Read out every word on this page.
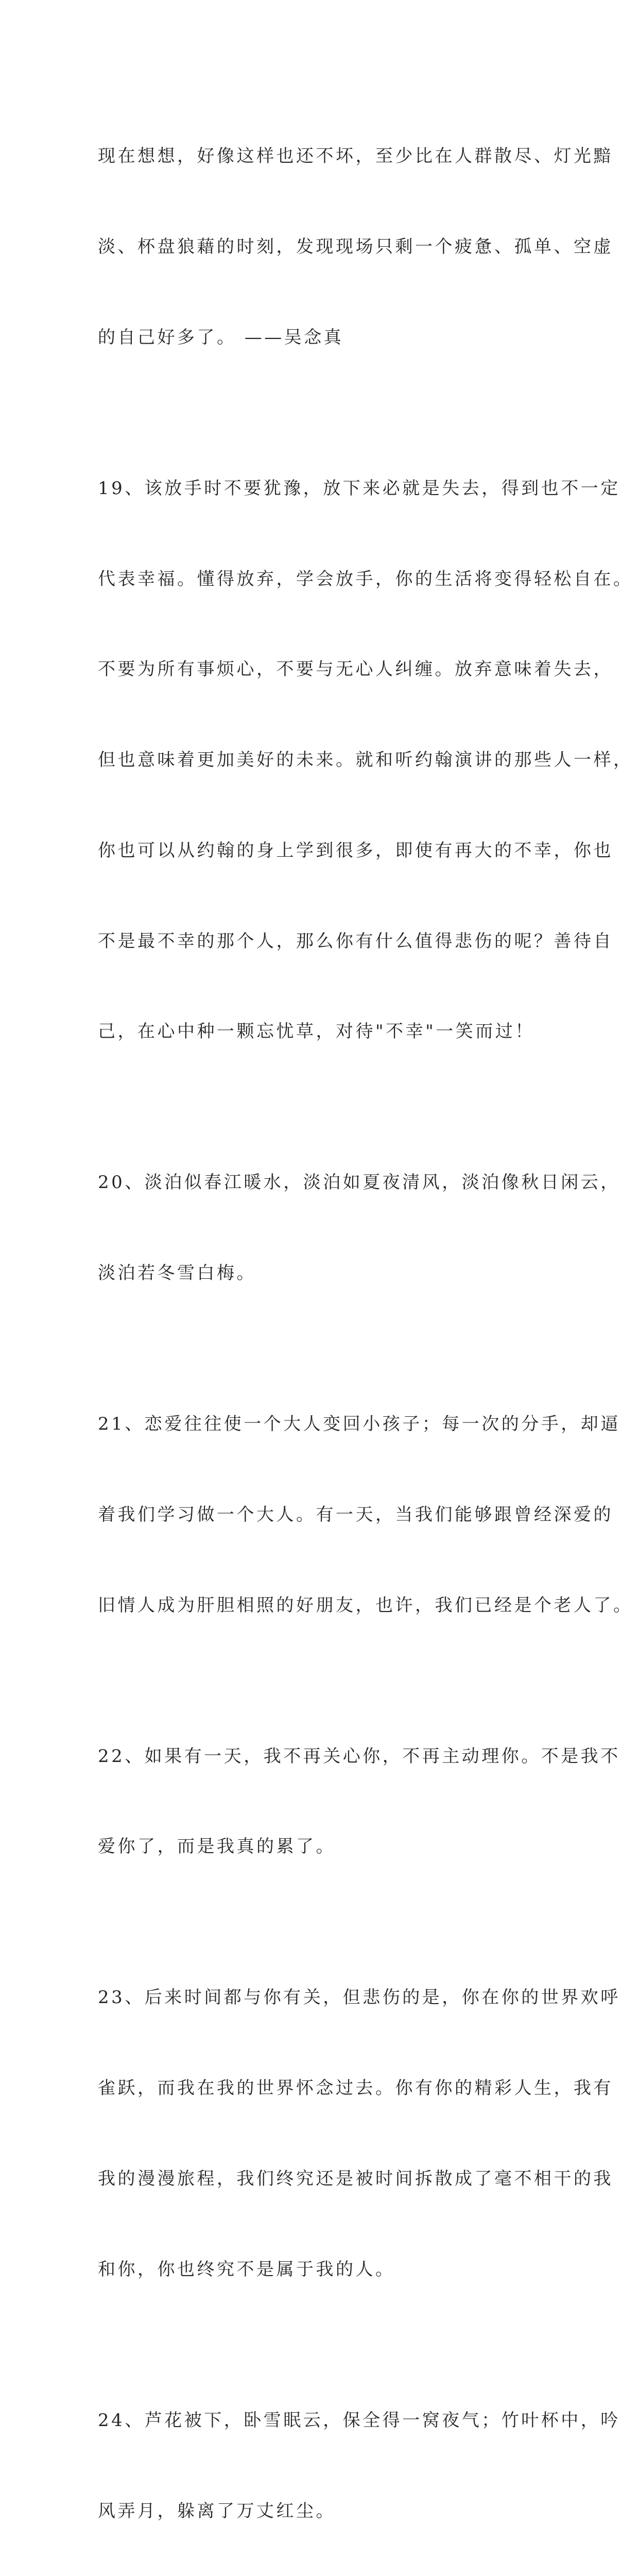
现在想想，好像这样也还不坏，至少比在人群散尽、灯光黯

淡、杯盘狼藉的时刻，发现现场只剩一个疲惫、孤单、空虚

的自己好多了。 ——吴念真

19、该放手时不要犹豫，放下来必就是失去，得到也不一定

代表幸福。懂得放弃，学会放手，你的生活将变得轻松自在。

不要为所有事烦心，不要与无心人纠缠。放弃意味着失去，

但也意味着更加美好的未来。就和听约翰演讲的那些人一样，

你也可以从约翰的身上学到很多，即使有再大的不幸，你也

不是最不幸的那个人，那么你有什么值得悲伤的呢？善待自

己，在心中种一颗忘忧草，对待"不幸"一笑而过！

20、淡泊似春江暖水，淡泊如夏夜清风，淡泊像秋日闲云，

淡泊若冬雪白梅。

21、恋爱往往使一个大人变回小孩子；每一次的分手，却逼

着我们学习做一个大人。有一天，当我们能够跟曾经深爱的

旧情人成为肝胆相照的好朋友，也许，我们已经是个老人了。

22、如果有一天，我不再关心你，不再主动理你。不是我不

爱你了，而是我真的累了。

23、后来时间都与你有关，但悲伤的是，你在你的世界欢呼

雀跃，而我在我的世界怀念过去。你有你的精彩人生，我有

我的漫漫旅程，我们终究还是被时间拆散成了毫不相干的我

和你，你也终究不是属于我的人。

24、芦花被下，卧雪眠云，保全得一窝夜气；竹叶杯中，吟

风弄月，躲离了万丈红尘。
